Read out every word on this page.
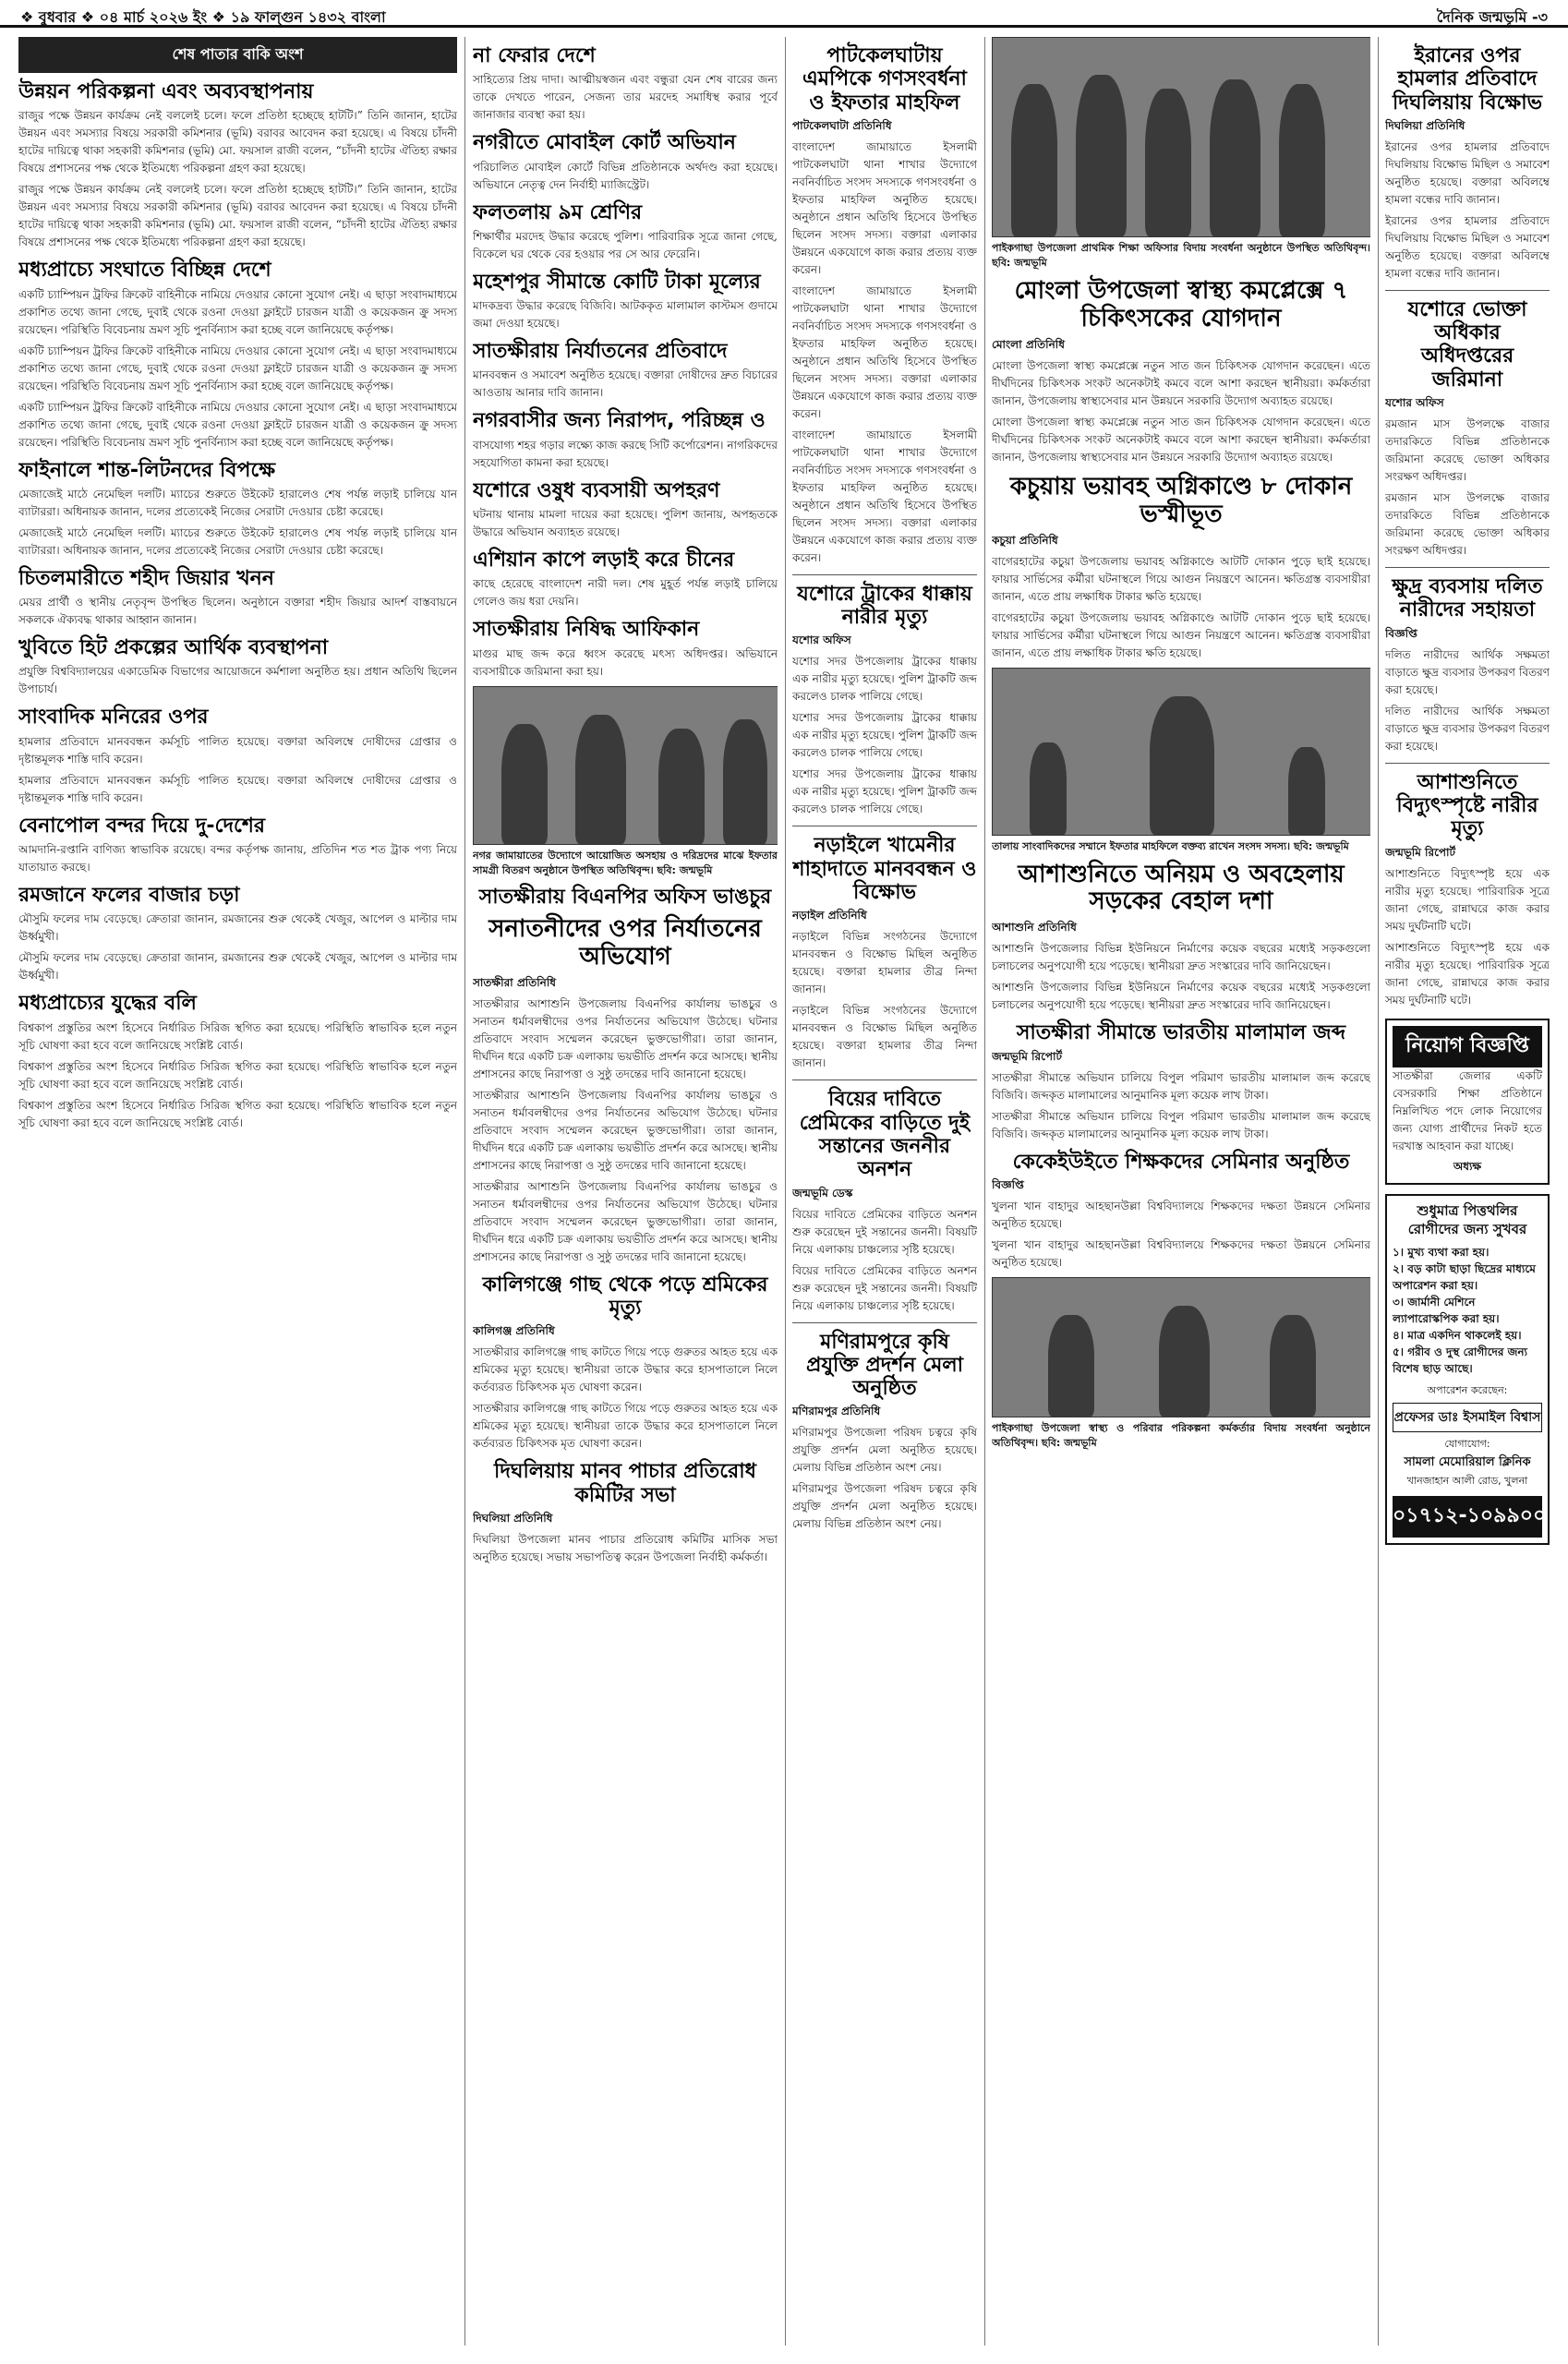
❖ বুধবার ❖ ০৪ মার্চ ২০২৬ ইং ❖ ১৯ ফাল্গুন ১৪৩২ বাংলা	দৈনিক জন্মভূমি -৩
শেষ পাতার বাকি অংশ
উন্নয়ন পরিকল্পনা এবং অব্যবস্থাপনায়

রাজুর পক্ষে উন্নয়ন কার্যক্রম নেই বললেই চলে। ফলে প্রতিষ্ঠা হচ্ছেছে হাটটি।” তিনি জানান, হাটের উন্নয়ন এবং সমস্যার বিষয়ে সরকারী কমিশনার (ভূমি) বরাবর আবেদন করা হয়েছে। এ বিষয়ে চাঁদনী হাটের দায়িত্বে থাকা সহকারী কমিশনার (ভূমি) মো. ফয়সাল রাজী বলেন, “চাঁদনী হাটের ঐতিহ্য রক্ষার বিষয়ে প্রশাসনের পক্ষ থেকে ইতিমধ্যে পরিকল্পনা গ্রহণ করা হয়েছে।

রাজুর পক্ষে উন্নয়ন কার্যক্রম নেই বললেই চলে। ফলে প্রতিষ্ঠা হচ্ছেছে হাটটি।” তিনি জানান, হাটের উন্নয়ন এবং সমস্যার বিষয়ে সরকারী কমিশনার (ভূমি) বরাবর আবেদন করা হয়েছে। এ বিষয়ে চাঁদনী হাটের দায়িত্বে থাকা সহকারী কমিশনার (ভূমি) মো. ফয়সাল রাজী বলেন, “চাঁদনী হাটের ঐতিহ্য রক্ষার বিষয়ে প্রশাসনের পক্ষ থেকে ইতিমধ্যে পরিকল্পনা গ্রহণ করা হয়েছে।

মধ্যপ্রাচ্যে সংঘাতে বিচ্ছিন্ন দেশে

একটি চ্যাম্পিয়ন ট্রফির ক্রিকেট বাহিনীকে নামিয়ে দেওয়ার কোনো সুযোগ নেই। এ ছাড়া সংবাদমাধ্যমে প্রকাশিত তথ্যে জানা গেছে, দুবাই থেকে রওনা দেওয়া ফ্লাইটে চারজন যাত্রী ও কয়েকজন ক্রু সদস্য রয়েছেন। পরিস্থিতি বিবেচনায় ভ্রমণ সূচি পুনর্বিন্যাস করা হচ্ছে বলে জানিয়েছে কর্তৃপক্ষ।

একটি চ্যাম্পিয়ন ট্রফির ক্রিকেট বাহিনীকে নামিয়ে দেওয়ার কোনো সুযোগ নেই। এ ছাড়া সংবাদমাধ্যমে প্রকাশিত তথ্যে জানা গেছে, দুবাই থেকে রওনা দেওয়া ফ্লাইটে চারজন যাত্রী ও কয়েকজন ক্রু সদস্য রয়েছেন। পরিস্থিতি বিবেচনায় ভ্রমণ সূচি পুনর্বিন্যাস করা হচ্ছে বলে জানিয়েছে কর্তৃপক্ষ।

একটি চ্যাম্পিয়ন ট্রফির ক্রিকেট বাহিনীকে নামিয়ে দেওয়ার কোনো সুযোগ নেই। এ ছাড়া সংবাদমাধ্যমে প্রকাশিত তথ্যে জানা গেছে, দুবাই থেকে রওনা দেওয়া ফ্লাইটে চারজন যাত্রী ও কয়েকজন ক্রু সদস্য রয়েছেন। পরিস্থিতি বিবেচনায় ভ্রমণ সূচি পুনর্বিন্যাস করা হচ্ছে বলে জানিয়েছে কর্তৃপক্ষ।

ফাইনালে শান্ত-লিটনদের বিপক্ষে

মেজাজেই মাঠে নেমেছিল দলটি। ম্যাচের শুরুতে উইকেট হারালেও শেষ পর্যন্ত লড়াই চালিয়ে যান ব্যাটাররা। অধিনায়ক জানান, দলের প্রত্যেকেই নিজের সেরাটা দেওয়ার চেষ্টা করেছে।

মেজাজেই মাঠে নেমেছিল দলটি। ম্যাচের শুরুতে উইকেট হারালেও শেষ পর্যন্ত লড়াই চালিয়ে যান ব্যাটাররা। অধিনায়ক জানান, দলের প্রত্যেকেই নিজের সেরাটা দেওয়ার চেষ্টা করেছে।

চিতলমারীতে শহীদ জিয়ার খনন

মেয়র প্রার্থী ও স্থানীয় নেতৃবৃন্দ উপস্থিত ছিলেন। অনুষ্ঠানে বক্তারা শহীদ জিয়ার আদর্শ বাস্তবায়নে সকলকে ঐক্যবদ্ধ থাকার আহ্বান জানান।

খুবিতে হিট প্রকল্পের আর্থিক ব্যবস্থাপনা

প্রযুক্তি বিশ্ববিদ্যালয়ের একাডেমিক বিভাগের আয়োজনে কর্মশালা অনুষ্ঠিত হয়। প্রধান অতিথি ছিলেন উপাচার্য।

সাংবাদিক মনিরের ওপর

হামলার প্রতিবাদে মানববন্ধন কর্মসূচি পালিত হয়েছে। বক্তারা অবিলম্বে দোষীদের গ্রেপ্তার ও দৃষ্টান্তমূলক শাস্তি দাবি করেন।

হামলার প্রতিবাদে মানববন্ধন কর্মসূচি পালিত হয়েছে। বক্তারা অবিলম্বে দোষীদের গ্রেপ্তার ও দৃষ্টান্তমূলক শাস্তি দাবি করেন।

বেনাপোল বন্দর দিয়ে দু-দেশের

আমদানি-রপ্তানি বাণিজ্য স্বাভাবিক রয়েছে। বন্দর কর্তৃপক্ষ জানায়, প্রতিদিন শত শত ট্রাক পণ্য নিয়ে যাতায়াত করছে।

রমজানে ফলের বাজার চড়া

মৌসুমি ফলের দাম বেড়েছে। ক্রেতারা জানান, রমজানের শুরু থেকেই খেজুর, আপেল ও মাল্টার দাম ঊর্ধ্বমুখী।

মৌসুমি ফলের দাম বেড়েছে। ক্রেতারা জানান, রমজানের শুরু থেকেই খেজুর, আপেল ও মাল্টার দাম ঊর্ধ্বমুখী।

মধ্যপ্রাচ্যের যুদ্ধের বলি

বিশ্বকাপ প্রস্তুতির অংশ হিসেবে নির্ধারিত সিরিজ স্থগিত করা হয়েছে। পরিস্থিতি স্বাভাবিক হলে নতুন সূচি ঘোষণা করা হবে বলে জানিয়েছে সংশ্লিষ্ট বোর্ড।

বিশ্বকাপ প্রস্তুতির অংশ হিসেবে নির্ধারিত সিরিজ স্থগিত করা হয়েছে। পরিস্থিতি স্বাভাবিক হলে নতুন সূচি ঘোষণা করা হবে বলে জানিয়েছে সংশ্লিষ্ট বোর্ড।

বিশ্বকাপ প্রস্তুতির অংশ হিসেবে নির্ধারিত সিরিজ স্থগিত করা হয়েছে। পরিস্থিতি স্বাভাবিক হলে নতুন সূচি ঘোষণা করা হবে বলে জানিয়েছে সংশ্লিষ্ট বোর্ড।

না ফেরার দেশে

সাহিত্যের প্রিয় দাদা। আত্মীয়স্বজন এবং বন্ধুরা যেন শেষ বারের জন্য তাকে দেখতে পারেন, সেজন্য তার মরদেহ সমাধিস্থ করার পূর্বে জানাজার ব্যবস্থা করা হয়।

নগরীতে মোবাইল কোর্ট অভিযান

পরিচালিত মোবাইল কোর্টে বিভিন্ন প্রতিষ্ঠানকে অর্থদণ্ড করা হয়েছে। অভিযানে নেতৃত্ব দেন নির্বাহী ম্যাজিস্ট্রেট।

ফলতলায় ৯ম শ্রেণির

শিক্ষার্থীর মরদেহ উদ্ধার করেছে পুলিশ। পারিবারিক সূত্রে জানা গেছে, বিকেলে ঘর থেকে বের হওয়ার পর সে আর ফেরেনি।

মহেশপুর সীমান্তে কোটি টাকা মূল্যের

মাদকদ্রব্য উদ্ধার করেছে বিজিবি। আটককৃত মালামাল কাস্টমস গুদামে জমা দেওয়া হয়েছে।

সাতক্ষীরায় নির্যাতনের প্রতিবাদে

মানববন্ধন ও সমাবেশ অনুষ্ঠিত হয়েছে। বক্তারা দোষীদের দ্রুত বিচারের আওতায় আনার দাবি জানান।

নগরবাসীর জন্য নিরাপদ, পরিচ্ছন্ন ও

বাসযোগ্য শহর গড়ার লক্ষ্যে কাজ করছে সিটি কর্পোরেশন। নাগরিকদের সহযোগিতা কামনা করা হয়েছে।

যশোরে ওষুধ ব্যবসায়ী অপহরণ

ঘটনায় থানায় মামলা দায়ের করা হয়েছে। পুলিশ জানায়, অপহৃতকে উদ্ধারে অভিযান অব্যাহত রয়েছে।

এশিয়ান কাপে লড়াই করে চীনের

কাছে হেরেছে বাংলাদেশ নারী দল। শেষ মুহূর্ত পর্যন্ত লড়াই চালিয়ে গেলেও জয় ধরা দেয়নি।

সাতক্ষীরায় নিষিদ্ধ আফিকান

মাগুর মাছ জব্দ করে ধ্বংস করেছে মৎস্য অধিদপ্তর। অভিযানে ব্যবসায়ীকে জরিমানা করা হয়।

নগর জামায়াতের উদ্যোগে আয়োজিত অসহায় ও দরিদ্রদের মাঝে ইফতার সামগ্রী বিতরণ অনুষ্ঠানে উপস্থিত অতিথিবৃন্দ। ছবি: জন্মভূমি
সাতক্ষীরায় বিএনপির অফিস ভাঙচুর
সনাতনীদের ওপর নির্যাতনের অভিযোগ
সাতক্ষীরা প্রতিনিধি

সাতক্ষীরার আশাশুনি উপজেলায় বিএনপির কার্যালয় ভাঙচুর ও সনাতন ধর্মাবলম্বীদের ওপর নির্যাতনের অভিযোগ উঠেছে। ঘটনার প্রতিবাদে সংবাদ সম্মেলন করেছেন ভুক্তভোগীরা। তারা জানান, দীর্ঘদিন ধরে একটি চক্র এলাকায় ভয়ভীতি প্রদর্শন করে আসছে। স্থানীয় প্রশাসনের কাছে নিরাপত্তা ও সুষ্ঠু তদন্তের দাবি জানানো হয়েছে।

সাতক্ষীরার আশাশুনি উপজেলায় বিএনপির কার্যালয় ভাঙচুর ও সনাতন ধর্মাবলম্বীদের ওপর নির্যাতনের অভিযোগ উঠেছে। ঘটনার প্রতিবাদে সংবাদ সম্মেলন করেছেন ভুক্তভোগীরা। তারা জানান, দীর্ঘদিন ধরে একটি চক্র এলাকায় ভয়ভীতি প্রদর্শন করে আসছে। স্থানীয় প্রশাসনের কাছে নিরাপত্তা ও সুষ্ঠু তদন্তের দাবি জানানো হয়েছে।

সাতক্ষীরার আশাশুনি উপজেলায় বিএনপির কার্যালয় ভাঙচুর ও সনাতন ধর্মাবলম্বীদের ওপর নির্যাতনের অভিযোগ উঠেছে। ঘটনার প্রতিবাদে সংবাদ সম্মেলন করেছেন ভুক্তভোগীরা। তারা জানান, দীর্ঘদিন ধরে একটি চক্র এলাকায় ভয়ভীতি প্রদর্শন করে আসছে। স্থানীয় প্রশাসনের কাছে নিরাপত্তা ও সুষ্ঠু তদন্তের দাবি জানানো হয়েছে।

কালিগঞ্জে গাছ থেকে পড়ে শ্রমিকের মৃত্যু
কালিগঞ্জ প্রতিনিধি

সাতক্ষীরার কালিগঞ্জে গাছ কাটতে গিয়ে পড়ে গুরুতর আহত হয়ে এক শ্রমিকের মৃত্যু হয়েছে। স্থানীয়রা তাকে উদ্ধার করে হাসপাতালে নিলে কর্তব্যরত চিকিৎসক মৃত ঘোষণা করেন।

সাতক্ষীরার কালিগঞ্জে গাছ কাটতে গিয়ে পড়ে গুরুতর আহত হয়ে এক শ্রমিকের মৃত্যু হয়েছে। স্থানীয়রা তাকে উদ্ধার করে হাসপাতালে নিলে কর্তব্যরত চিকিৎসক মৃত ঘোষণা করেন।

দিঘলিয়ায় মানব পাচার প্রতিরোধ কমিটির সভা
দিঘলিয়া প্রতিনিধি

দিঘলিয়া উপজেলা মানব পাচার প্রতিরোধ কমিটির মাসিক সভা অনুষ্ঠিত হয়েছে। সভায় সভাপতিত্ব করেন উপজেলা নির্বাহী কর্মকর্তা।

পাটকেলঘাটায় এমপিকে গণসংবর্ধনা ও ইফতার মাহফিল
পাটকেলঘাটা প্রতিনিধি

বাংলাদেশ জামায়াতে ইসলামী পাটকেলঘাটা থানা শাখার উদ্যোগে নবনির্বাচিত সংসদ সদস্যকে গণসংবর্ধনা ও ইফতার মাহফিল অনুষ্ঠিত হয়েছে। অনুষ্ঠানে প্রধান অতিথি হিসেবে উপস্থিত ছিলেন সংসদ সদস্য। বক্তারা এলাকার উন্নয়নে একযোগে কাজ করার প্রত্যয় ব্যক্ত করেন।

বাংলাদেশ জামায়াতে ইসলামী পাটকেলঘাটা থানা শাখার উদ্যোগে নবনির্বাচিত সংসদ সদস্যকে গণসংবর্ধনা ও ইফতার মাহফিল অনুষ্ঠিত হয়েছে। অনুষ্ঠানে প্রধান অতিথি হিসেবে উপস্থিত ছিলেন সংসদ সদস্য। বক্তারা এলাকার উন্নয়নে একযোগে কাজ করার প্রত্যয় ব্যক্ত করেন।

বাংলাদেশ জামায়াতে ইসলামী পাটকেলঘাটা থানা শাখার উদ্যোগে নবনির্বাচিত সংসদ সদস্যকে গণসংবর্ধনা ও ইফতার মাহফিল অনুষ্ঠিত হয়েছে। অনুষ্ঠানে প্রধান অতিথি হিসেবে উপস্থিত ছিলেন সংসদ সদস্য। বক্তারা এলাকার উন্নয়নে একযোগে কাজ করার প্রত্যয় ব্যক্ত করেন।

যশোরে ট্রাকের ধাক্কায় নারীর মৃত্যু
যশোর অফিস

যশোর সদর উপজেলায় ট্রাকের ধাক্কায় এক নারীর মৃত্যু হয়েছে। পুলিশ ট্রাকটি জব্দ করলেও চালক পালিয়ে গেছে।

যশোর সদর উপজেলায় ট্রাকের ধাক্কায় এক নারীর মৃত্যু হয়েছে। পুলিশ ট্রাকটি জব্দ করলেও চালক পালিয়ে গেছে।

যশোর সদর উপজেলায় ট্রাকের ধাক্কায় এক নারীর মৃত্যু হয়েছে। পুলিশ ট্রাকটি জব্দ করলেও চালক পালিয়ে গেছে।

নড়াইলে খামেনীর শাহাদাতে মানববন্ধন ও বিক্ষোভ
নড়াইল প্রতিনিধি

নড়াইলে বিভিন্ন সংগঠনের উদ্যোগে মানববন্ধন ও বিক্ষোভ মিছিল অনুষ্ঠিত হয়েছে। বক্তারা হামলার তীব্র নিন্দা জানান।

নড়াইলে বিভিন্ন সংগঠনের উদ্যোগে মানববন্ধন ও বিক্ষোভ মিছিল অনুষ্ঠিত হয়েছে। বক্তারা হামলার তীব্র নিন্দা জানান।

বিয়ের দাবিতে প্রেমিকের বাড়িতে দুই সন্তানের জননীর অনশন
জন্মভূমি ডেস্ক

বিয়ের দাবিতে প্রেমিকের বাড়িতে অনশন শুরু করেছেন দুই সন্তানের জননী। বিষয়টি নিয়ে এলাকায় চাঞ্চল্যের সৃষ্টি হয়েছে।

বিয়ের দাবিতে প্রেমিকের বাড়িতে অনশন শুরু করেছেন দুই সন্তানের জননী। বিষয়টি নিয়ে এলাকায় চাঞ্চল্যের সৃষ্টি হয়েছে।

মণিরামপুরে কৃষি প্রযুক্তি প্রদর্শন মেলা অনুষ্ঠিত
মণিরামপুর প্রতিনিধি

মণিরামপুর উপজেলা পরিষদ চত্বরে কৃষি প্রযুক্তি প্রদর্শন মেলা অনুষ্ঠিত হয়েছে। মেলায় বিভিন্ন প্রতিষ্ঠান অংশ নেয়।

মণিরামপুর উপজেলা পরিষদ চত্বরে কৃষি প্রযুক্তি প্রদর্শন মেলা অনুষ্ঠিত হয়েছে। মেলায় বিভিন্ন প্রতিষ্ঠান অংশ নেয়।

পাইকগাছা উপজেলা প্রাথমিক শিক্ষা অফিসার বিদায় সংবর্ধনা অনুষ্ঠানে উপস্থিত অতিথিবৃন্দ। ছবি: জন্মভূমি
মোংলা উপজেলা স্বাস্থ্য কমপ্লেক্সে ৭ চিকিৎসকের যোগদান
মোংলা প্রতিনিধি

মোংলা উপজেলা স্বাস্থ্য কমপ্লেক্সে নতুন সাত জন চিকিৎসক যোগদান করেছেন। এতে দীর্ঘদিনের চিকিৎসক সংকট অনেকটাই কমবে বলে আশা করছেন স্থানীয়রা। কর্মকর্তারা জানান, উপজেলায় স্বাস্থ্যসেবার মান উন্নয়নে সরকারি উদ্যোগ অব্যাহত রয়েছে।

মোংলা উপজেলা স্বাস্থ্য কমপ্লেক্সে নতুন সাত জন চিকিৎসক যোগদান করেছেন। এতে দীর্ঘদিনের চিকিৎসক সংকট অনেকটাই কমবে বলে আশা করছেন স্থানীয়রা। কর্মকর্তারা জানান, উপজেলায় স্বাস্থ্যসেবার মান উন্নয়নে সরকারি উদ্যোগ অব্যাহত রয়েছে।

কচুয়ায় ভয়াবহ অগ্নিকাণ্ডে ৮ দোকান ভস্মীভূত
কচুয়া প্রতিনিধি

বাগেরহাটের কচুয়া উপজেলায় ভয়াবহ অগ্নিকাণ্ডে আটটি দোকান পুড়ে ছাই হয়েছে। ফায়ার সার্ভিসের কর্মীরা ঘটনাস্থলে গিয়ে আগুন নিয়ন্ত্রণে আনেন। ক্ষতিগ্রস্ত ব্যবসায়ীরা জানান, এতে প্রায় লক্ষাধিক টাকার ক্ষতি হয়েছে।

বাগেরহাটের কচুয়া উপজেলায় ভয়াবহ অগ্নিকাণ্ডে আটটি দোকান পুড়ে ছাই হয়েছে। ফায়ার সার্ভিসের কর্মীরা ঘটনাস্থলে গিয়ে আগুন নিয়ন্ত্রণে আনেন। ক্ষতিগ্রস্ত ব্যবসায়ীরা জানান, এতে প্রায় লক্ষাধিক টাকার ক্ষতি হয়েছে।

তালায় সাংবাদিকদের সম্মানে ইফতার মাহফিলে বক্তব্য রাখেন সংসদ সদস্য। ছবি: জন্মভূমি
আশাশুনিতে অনিয়ম ও অবহেলায় সড়কের বেহাল দশা
আশাশুনি প্রতিনিধি

আশাশুনি উপজেলার বিভিন্ন ইউনিয়নে নির্মাণের কয়েক বছরের মধ্যেই সড়কগুলো চলাচলের অনুপযোগী হয়ে পড়েছে। স্থানীয়রা দ্রুত সংস্কারের দাবি জানিয়েছেন।

আশাশুনি উপজেলার বিভিন্ন ইউনিয়নে নির্মাণের কয়েক বছরের মধ্যেই সড়কগুলো চলাচলের অনুপযোগী হয়ে পড়েছে। স্থানীয়রা দ্রুত সংস্কারের দাবি জানিয়েছেন।

সাতক্ষীরা সীমান্তে ভারতীয় মালামাল জব্দ
জন্মভূমি রিপোর্ট

সাতক্ষীরা সীমান্তে অভিযান চালিয়ে বিপুল পরিমাণ ভারতীয় মালামাল জব্দ করেছে বিজিবি। জব্দকৃত মালামালের আনুমানিক মূল্য কয়েক লাখ টাকা।

সাতক্ষীরা সীমান্তে অভিযান চালিয়ে বিপুল পরিমাণ ভারতীয় মালামাল জব্দ করেছে বিজিবি। জব্দকৃত মালামালের আনুমানিক মূল্য কয়েক লাখ টাকা।

কেকেইউইতে শিক্ষকদের সেমিনার অনুষ্ঠিত
বিজ্ঞপ্তি

খুলনা খান বাহাদুর আহছানউল্লা বিশ্ববিদ্যালয়ে শিক্ষকদের দক্ষতা উন্নয়নে সেমিনার অনুষ্ঠিত হয়েছে।

খুলনা খান বাহাদুর আহছানউল্লা বিশ্ববিদ্যালয়ে শিক্ষকদের দক্ষতা উন্নয়নে সেমিনার অনুষ্ঠিত হয়েছে।

পাইকগাছা উপজেলা স্বাস্থ্য ও পরিবার পরিকল্পনা কর্মকর্তার বিদায় সংবর্ধনা অনুষ্ঠানে অতিথিবৃন্দ। ছবি: জন্মভূমি
ইরানের ওপর হামলার প্রতিবাদে দিঘলিয়ায় বিক্ষোভ
দিঘলিয়া প্রতিনিধি

ইরানের ওপর হামলার প্রতিবাদে দিঘলিয়ায় বিক্ষোভ মিছিল ও সমাবেশ অনুষ্ঠিত হয়েছে। বক্তারা অবিলম্বে হামলা বন্ধের দাবি জানান।

ইরানের ওপর হামলার প্রতিবাদে দিঘলিয়ায় বিক্ষোভ মিছিল ও সমাবেশ অনুষ্ঠিত হয়েছে। বক্তারা অবিলম্বে হামলা বন্ধের দাবি জানান।

যশোরে ভোক্তা অধিকার অধিদপ্তরের জরিমানা
যশোর অফিস

রমজান মাস উপলক্ষে বাজার তদারকিতে বিভিন্ন প্রতিষ্ঠানকে জরিমানা করেছে ভোক্তা অধিকার সংরক্ষণ অধিদপ্তর।

রমজান মাস উপলক্ষে বাজার তদারকিতে বিভিন্ন প্রতিষ্ঠানকে জরিমানা করেছে ভোক্তা অধিকার সংরক্ষণ অধিদপ্তর।

ক্ষুদ্র ব্যবসায় দলিত নারীদের সহায়তা
বিজ্ঞপ্তি

দলিত নারীদের আর্থিক সক্ষমতা বাড়াতে ক্ষুদ্র ব্যবসার উপকরণ বিতরণ করা হয়েছে।

দলিত নারীদের আর্থিক সক্ষমতা বাড়াতে ক্ষুদ্র ব্যবসার উপকরণ বিতরণ করা হয়েছে।

আশাশুনিতে বিদ্যুৎস্পৃষ্টে নারীর মৃত্যু
জন্মভূমি রিপোর্ট

আশাশুনিতে বিদ্যুৎস্পৃষ্ট হয়ে এক নারীর মৃত্যু হয়েছে। পারিবারিক সূত্রে জানা গেছে, রান্নাঘরে কাজ করার সময় দুর্ঘটনাটি ঘটে।

আশাশুনিতে বিদ্যুৎস্পৃষ্ট হয়ে এক নারীর মৃত্যু হয়েছে। পারিবারিক সূত্রে জানা গেছে, রান্নাঘরে কাজ করার সময় দুর্ঘটনাটি ঘটে।

নিয়োগ বিজ্ঞপ্তি

সাতক্ষীরা জেলার একটি বেসরকারি শিক্ষা প্রতিষ্ঠানে নিম্নলিখিত পদে লোক নিয়োগের জন্য যোগ্য প্রার্থীদের নিকট হতে দরখাস্ত আহবান করা যাচ্ছে।

অধ্যক্ষ
শুধুমাত্র পিত্তথলির রোগীদের জন্য সুখবর
১। মুখ্য ব্যথা করা হয়।
২। বড় কাটা ছাড়া ছিদ্রের মাধ্যমে অপারেশন করা হয়।
৩। জার্মানী মেশিনে ল্যাপারোস্কপিক করা হয়।
৪। মাত্র একদিন থাকলেই হয়।
৫। গরীব ও দুস্থ রোগীদের জন্য বিশেষ ছাড় আছে।
অপারেশন করেছেন:
প্রফেসর ডাঃ ইসমাইল বিশ্বাস
যোগাযোগ:
সামলা মেমোরিয়াল ক্লিনিক
খানজাহান আলী রোড, খুলনা
০১৭১২-১০৯৯০০
